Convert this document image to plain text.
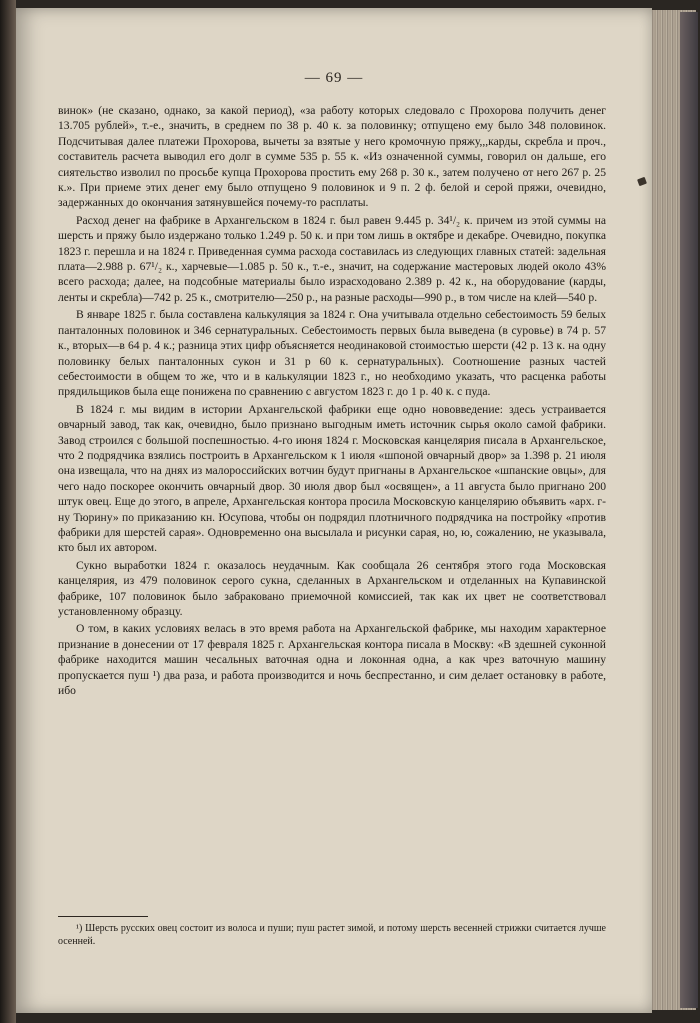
— 69 —

винок» (не сказано, однако, за какой период), «за работу которых следовало с Прохорова получить денег 13.705 рублей», т.-е., значить, в среднем по 38 р. 40 к. за половинку; отпущено ему было 348 половинок. Подсчитывая далее платежи Прохорова, вычеты за взятые у него кромочную пряжу,,,карды, скребла и проч., составитель расчета выводил его долг в сумме 535 р. 55 к. «Из означенной суммы, говорил он дальше, его сиятельство изволил по просьбе купца Прохорова простить ему 268 р. 30 к., затем получено от него 267 р. 25 к.». При приеме этих денег ему было отпущено 9 половинок и 9 п. 2 ф. белой и серой пряжи, очевидно, задержанных до окончания затянувшейся почему-то расплаты.

Расход денег на фабрике в Архангельском в 1824 г. был равен 9.445 р. 34¹/₂ к. причем из этой суммы на шерсть и пряжу было издержано только 1.249 р. 50 к. и при том лишь в октябре и декабре. Очевидно, покупка 1823 г. перешла и на 1824 г. Приведенная сумма расхода составилась из следующих главных статей: задельная плата—2.988 р. 67¹/₂ к., харчевые—1.085 р. 50 к., т.-е., значит, на содержание мастеровых людей около 43% всего расхода; далее, на подсобные материалы было израсходовано 2.389 р. 42 к., на оборудование (карды, ленты и скребла)—742 р. 25 к., смотрителю—250 р., на разные расходы—990 р., в том числе на клей—540 р.

В январе 1825 г. была составлена калькуляция за 1824 г. Она учитывала отдельно себестоимость 59 белых панталонных половинок и 346 сернатуральных. Себестоимость первых была выведена (в суровье) в 74 р. 57 к., вторых—в 64 р. 4 к.; разница этих цифр объясняется неодинаковой стоимостью шерсти (42 р. 13 к. на одну половинку белых панталонных сукон и 31 р 60 к. сернатуральных). Соотношение разных частей себестоимости в общем то же, что и в калькуляции 1823 г., но необходимо указать, что расценка работы прядильщиков была еще понижена по сравнению с августом 1823 г. до 1 р. 40 к. с пуда.

В 1824 г. мы видим в истории Архангельской фабрики еще одно нововведение: здесь устраивается овчарный завод, так как, очевидно, было признано выгодным иметь источник сырья около самой фабрики. Завод строился с большой поспешностью. 4-го июня 1824 г. Московская канцелярия писала в Архангельское, что 2 подрядчика взялись построить в Архангельском к 1 июля «шпоной овчарный двор» за 1.398 р. 21 июля она извещала, что на днях из малороссийских вотчин будут пригнаны в Архангельское «шпанские овцы», для чего надо поскорее окончить овчарный двор. 30 июля двор был «освящен», а 11 августа было пригнано 200 штук овец. Еще до этого, в апреле, Архангельская контора просила Московскую канцелярию объявить «арх. г-ну Тюрину» по приказанию кн. Юсупова, чтобы он подрядил плотничного подрядчика на постройку «против фабрики для шерстей сарая». Одновременно она высылала и рисунки сарая, но, ю, сожалению, не указывала, кто был их автором.

Сукно выработки 1824 г. оказалось неудачным. Как сообщала 26 сентября этого года Московская канцелярия, из 479 половинок серого сукна, сделанных в Архангельском и отделанных на Купавинской фабрике, 107 половинок было забраковано приемочной комиссией, так как их цвет не соответствовал установленному образцу.

О том, в каких условиях велась в это время работа на Архангельской фабрике, мы находим характерное признание в донесении от 17 февраля 1825 г. Архангельская контора писала в Москву: «В здешней суконной фабрике находится машин чесальных ваточная одна и локонная одна, а как чрез ваточную машину пропускается пуш ¹) два раза, и работа производится и ночь беспрестанно, и сим делает остановку в работе, ибо

¹) Шерсть русских овец состоит из волоса и пуши; пуш растет зимой, и потому шерсть весенней стрижки считается лучше осенней.
